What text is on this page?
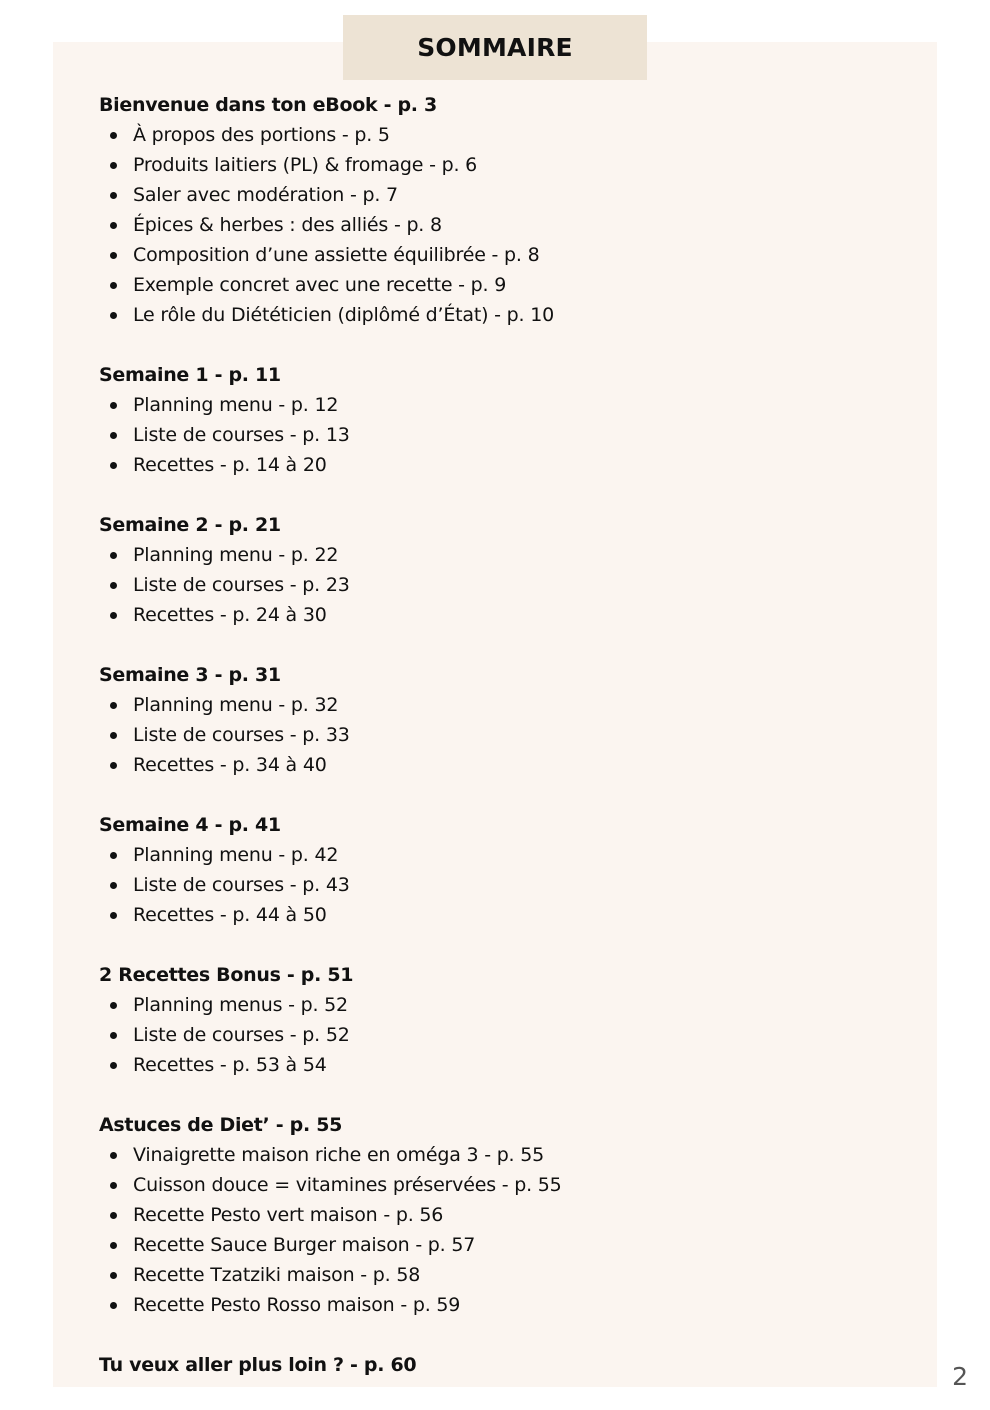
SOMMAIRE
Bienvenue dans ton eBook - p. 3
À propos des portions - p. 5
Produits laitiers (PL) & fromage - p. 6
Saler avec modération - p. 7
Épices & herbes : des alliés - p. 8
Composition d’une assiette équilibrée - p. 8
Exemple concret avec une recette - p. 9
Le rôle du Diététicien (diplômé d’État) - p. 10
Semaine 1 - p. 11
Planning menu - p. 12
Liste de courses - p. 13
Recettes - p. 14 à 20
Semaine 2 - p. 21
Planning menu - p. 22
Liste de courses - p. 23
Recettes - p. 24 à 30
Semaine 3 - p. 31
Planning menu - p. 32
Liste de courses - p. 33
Recettes - p. 34 à 40
Semaine 4 - p. 41
Planning menu - p. 42
Liste de courses - p. 43
Recettes - p. 44 à 50
2 Recettes Bonus - p. 51
Planning menus - p. 52
Liste de courses - p. 52
Recettes - p. 53 à 54
Astuces de Diet’ - p. 55
Vinaigrette maison riche en oméga 3 - p. 55
Cuisson douce = vitamines préservées - p. 55
Recette Pesto vert maison - p. 56
Recette Sauce Burger maison - p. 57
Recette Tzatziki maison - p. 58
Recette Pesto Rosso maison - p. 59
Tu veux aller plus loin ? - p. 60	2
